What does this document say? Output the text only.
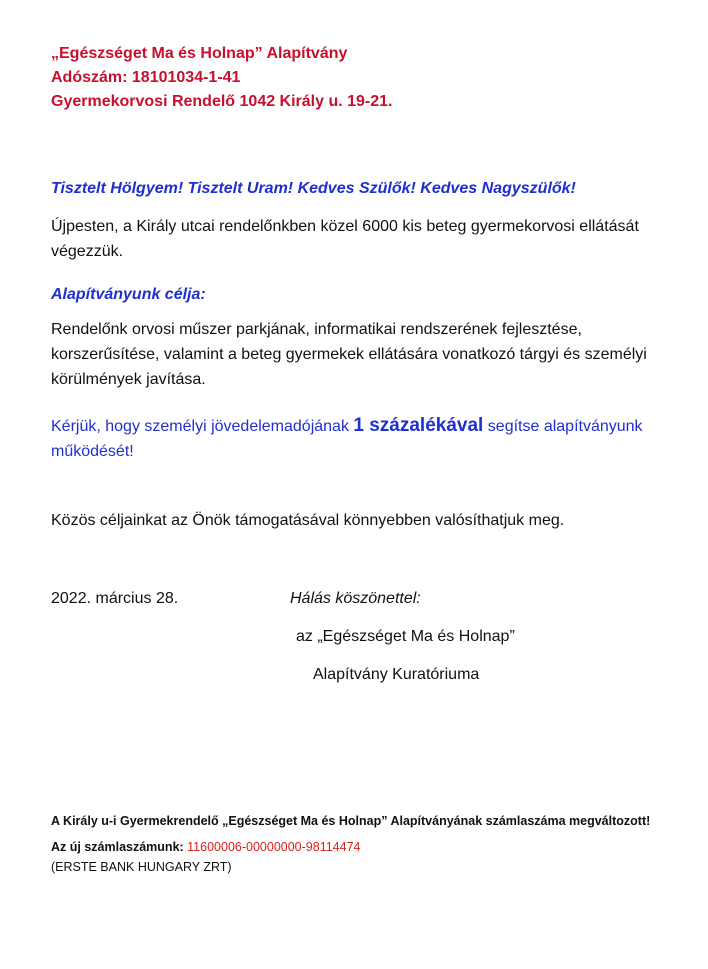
„Egészséget Ma és Holnap” Alapítvány
Adószám: 18101034-1-41
Gyermekorvosi Rendelő 1042 Király u. 19-21.
Tisztelt Hölgyem! Tisztelt Uram! Kedves Szülők! Kedves Nagyszülők!
Újpesten, a Király utcai rendelőnkben közel 6000 kis beteg gyermekorvosi ellátását végezzük.
Alapítványunk célja:
Rendelőnk orvosi műszer parkjának, informatikai rendszerének fejlesztése, korszerűsítése, valamint a beteg gyermekek ellátására vonatkozó tárgyi és személyi körülmények javítása.
Kérjük, hogy személyi jövedelemadójának 1 százalékával segítse alapítványunk működését!
Közös céljainkat az Önök támogatásával könnyebben valósíthatjuk meg.
2022. március 28.	Hálás köszönettel:
az „Egészséget Ma és Holnap”
Alapítvány Kuratóriuma
A Király u-i Gyermekrendelő „Egészséget Ma és Holnap” Alapítványának számlaszáma megváltozott!
Az új számlaszámunk: 11600006-00000000-98114474
(ERSTE BANK HUNGARY ZRT)
